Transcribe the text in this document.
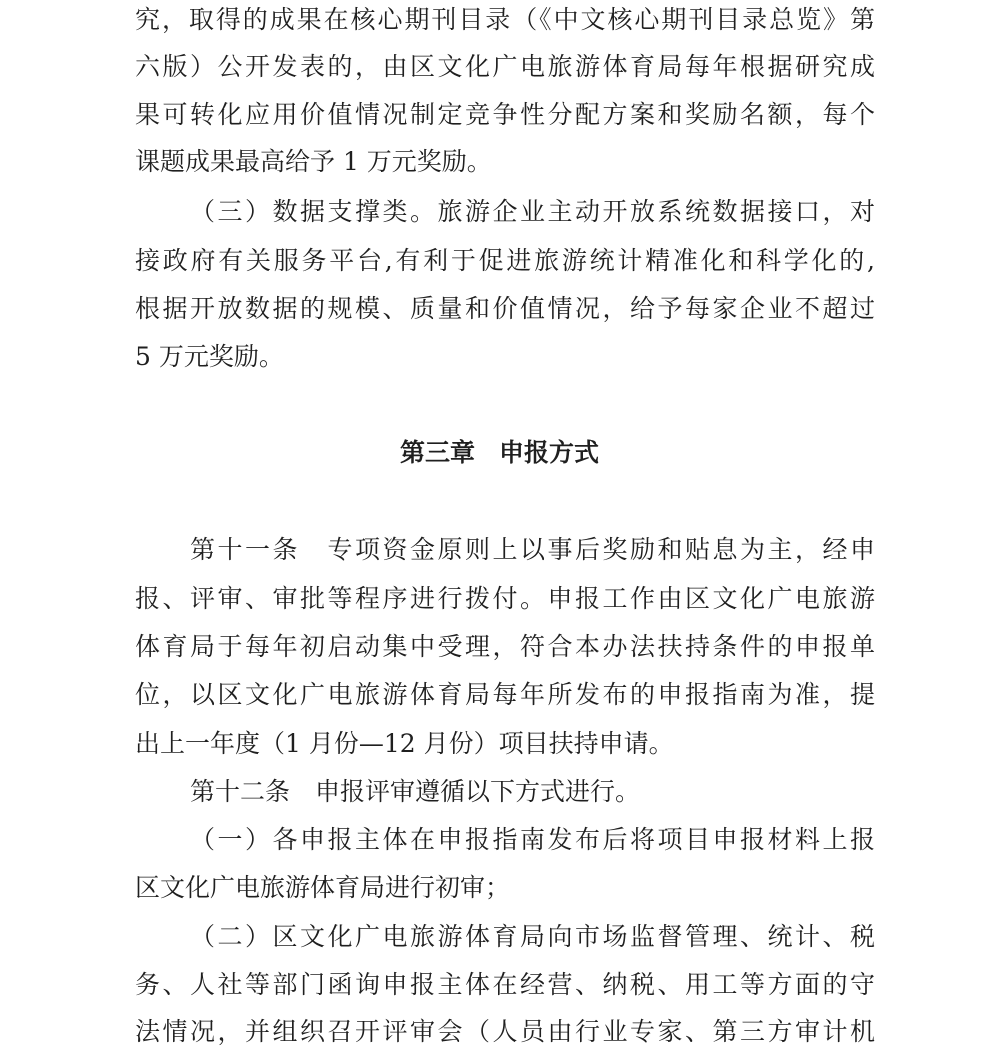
究，取得的成果在核心期刊目录（《中文核心期刊目录总览》第
六版）公开发表的，由区文化广电旅游体育局每年根据研究成
果可转化应用价值情况制定竞争性分配方案和奖励名额，每个
课题成果最高给予 1 万元奖励。
（三）数据支撑类。旅游企业主动开放系统数据接口，对
接政府有关服务平台,有利于促进旅游统计精准化和科学化的,
根据开放数据的规模、质量和价值情况，给予每家企业不超过
5 万元奖励。
第三章 申报方式
第十一条　专项资金原则上以事后奖励和贴息为主，经申
报、评审、审批等程序进行拨付。申报工作由区文化广电旅游
体育局于每年初启动集中受理，符合本办法扶持条件的申报单
位，以区文化广电旅游体育局每年所发布的申报指南为准，提
出上一年度（1 月份—12 月份）项目扶持申请。
第十二条　申报评审遵循以下方式进行。
（一）各申报主体在申报指南发布后将项目申报材料上报
区文化广电旅游体育局进行初审；
（二）区文化广电旅游体育局向市场监督管理、统计、税
务、人社等部门函询申报主体在经营、纳税、用工等方面的守
法情况，并组织召开评审会（人员由行业专家、第三方审计机
